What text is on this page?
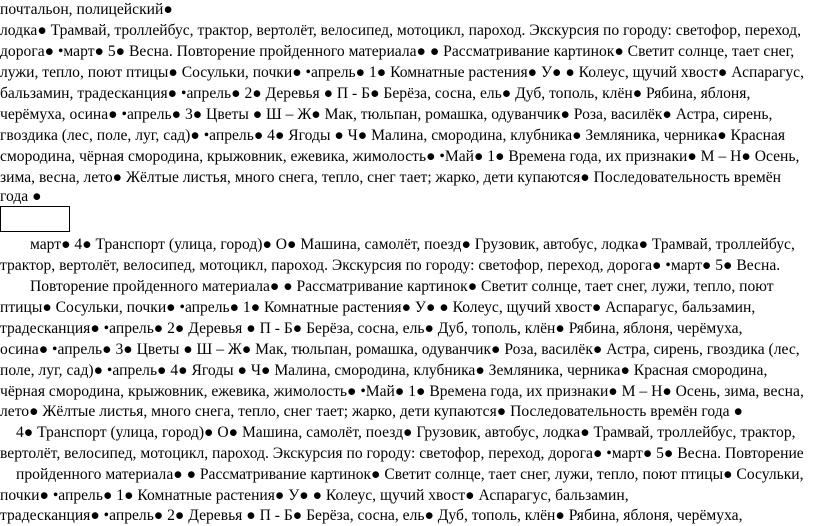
почтальон, полицейский●
лодка● Трамвай, троллейбус, трактор, вертолёт, велосипед, мотоцикл, пароход. Экскурсия по городу: светофор, переход,
дорога● •март● 5● Весна. Повторение пройденного материала● ● Рассматривание картинок● Светит солнце, тает снег,
лужи, тепло, поют птицы● Сосульки, почки● •апрель● 1● Комнатные растения● У● ● Колеус, щучий хвост● Аспарагус,
бальзамин, традесканция● •апрель● 2● Деревья ● П - Б● Берёза, сосна, ель● Дуб, тополь, клён● Рябина, яблоня,
черёмуха, осина● •апрель● 3● Цветы ● Ш – Ж● Мак, тюльпан, ромашка, одуванчик● Роза, василёк● Астра, сирень,
гвоздика (лес, поле, луг, сад)● •апрель● 4● Ягоды ● Ч● Малина, смородина, клубника● Земляника, черника● Красная
смородина, чёрная смородина, крыжовник, ежевика, жимолость● •Май● 1● Времена года, их признаки● М – Н● Осень,
зима, весна, лето● Жёлтые листья, много снега, тепло, снег тает; жарко, дети купаются● Последовательность времён
года ●
март● 4● Транспорт (улица, город)● О● Машина, самолёт, поезд● Грузовик, автобус, лодка● Трамвай, троллейбус,
трактор, вертолёт, велосипед, мотоцикл, пароход. Экскурсия по городу: светофор, переход, дорога● •март● 5● Весна.
Повторение пройденного материала● ● Рассматривание картинок● Светит солнце, тает снег, лужи, тепло, поют
птицы● Сосульки, почки● •апрель● 1● Комнатные растения● У● ● Колеус, щучий хвост● Аспарагус, бальзамин,
традесканция● •апрель● 2● Деревья ● П - Б● Берёза, сосна, ель● Дуб, тополь, клён● Рябина, яблоня, черёмуха,
осина● •апрель● 3● Цветы ● Ш – Ж● Мак, тюльпан, ромашка, одуванчик● Роза, василёк● Астра, сирень, гвоздика (лес,
поле, луг, сад)● •апрель● 4● Ягоды ● Ч● Малина, смородина, клубника● Земляника, черника● Красная смородина,
чёрная смородина, крыжовник, ежевика, жимолость● •Май● 1● Времена года, их признаки● М – Н● Осень, зима, весна,
лето● Жёлтые листья, много снега, тепло, снег тает; жарко, дети купаются● Последовательность времён года ●
4● Транспорт (улица, город)● О● Машина, самолёт, поезд● Грузовик, автобус, лодка● Трамвай, троллейбус, трактор,
вертолёт, велосипед, мотоцикл, пароход. Экскурсия по городу: светофор, переход, дорога● •март● 5● Весна. Повторение
пройденного материала● ● Рассматривание картинок● Светит солнце, тает снег, лужи, тепло, поют птицы● Сосульки,
почки● •апрель● 1● Комнатные растения● У● ● Колеус, щучий хвост● Аспарагус, бальзамин,
традесканция● •апрель● 2● Деревья ● П - Б● Берёза, сосна, ель● Дуб, тополь, клён● Рябина, яблоня, черёмуха,
